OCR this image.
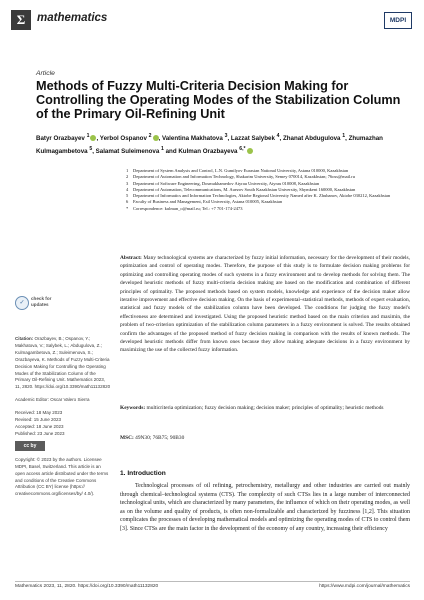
Σ	mathematics	MDPI
Article
Methods of Fuzzy Multi-Criteria Decision Making for Controlling the Operating Modes of the Stabilization Column of the Primary Oil-Refining Unit
Batyr Orazbayev $^1$ , Yerbol Ospanov $^2$ , Valentina Makhatova $^3$, Lazzat Salybek $^4$, Zhanat Abdugulova $^1$, Zhumazhan Kulmagambetova $^5$, Salamat Suleimenova $^1$ and Kulman Orazbayeva $^{6,*}$
1	Department of System Analysis and Control, L.N. Gumilyov Eurasian National University, Astana 010000, Kazakhstan
2	Department of Automation and Information Technology, Shakarim University, Semey 070014, Kazakhstan; 76oss@mail.ru
3	Department of Software Engineering, Dosmukhamedov Atyrau University, Atyrau 010008, Kazakhstan
4	Department of Automation, Telecommunications, M. Auezov South Kazakhstan University, Shymkent 160000, Kazakhstan
5	Department of Informatics and Information Technologies, Aktobe Regional University Named after K. Zhubanov, Aktobe 030212, Kazakhstan
6	Faculty of Business and Management, Esil University, Astana 010005, Kazakhstan
*	Correspondence: kulman_o@mail.ru; Tel.: +7 701-174-2473

Abstract: Many technological systems are characterized by fuzzy initial information, necessary for the development of their models, optimization and control of operating modes. Therefore, the purpose of this study is to formulate decision making problems for optimizing and controlling operating modes of such systems in a fuzzy environment and to develop methods for solving them. The developed heuristic methods of fuzzy multi-criteria decision making are based on the modification and combination of different principles of optimality. The proposed methods based on system models, knowledge and experience of the decision maker allow iterative improvement and effective decision making. On the basis of experimental–statistical methods, methods of expert evaluation, statistical and fuzzy models of the stabilization column have been developed. The conditions for judging the fuzzy model's effectiveness are determined and investigated. Using the proposed heuristic method based on the main criterion and maximin, the problem of two-criterion optimization of the stabilization column parameters in a fuzzy environment is solved. The results obtained confirm the advantages of the proposed method of fuzzy decision making in comparison with the results of known methods. The developed heuristic methods differ from known ones because they allow making adequate decisions in a fuzzy environment by maximizing the use of the collected fuzzy information.

Keywords: multicriteria optimization; fuzzy decision making; decision maker; principles of optimality; heuristic methods

MSC: 49N30; 76B75; 90B30

✓
check for
updates

Citation: Orazbayev, B.; Ospanov, Y.; Makhatova, V.; Salybek, L.; Abdugulova, Z.; Kulmagambetova, Z.; Suleimenova, S.; Orazbayeva, K. Methods of Fuzzy Multi-Criteria Decision Making for Controlling the Operating Modes of the Stabilization Column of the Primary Oil-Refining Unit. Mathematics 2023, 11, 2820. https://doi.org/10.3390/math11132820

Academic Editor: Oscar Valero Sierra

Received: 18 May 2023

Revised: 15 June 2023

Accepted: 18 June 2023

Published: 23 June 2023

cc by

Copyright: © 2023 by the authors. Licensee MDPI, Basel, Switzerland. This article is an open access article distributed under the terms and conditions of the Creative Commons Attribution (CC BY) license (https:// creativecommons.org/licenses/by/ 4.0/).

1. Introduction

Technological processes of oil refining, petrochemistry, metallurgy and other industries are carried out mainly through chemical–technological systems (CTS). The complexity of such CTSs lies in a large number of interconnected technological units, which are characterized by many parameters, the influence of which on their operating modes, as well as on the volume and quality of products, is often non-formalizable and characterized by fuzziness [1,2]. This situation complicates the processes of developing mathematical models and optimizing the operating modes of CTS to control them [3]. Since CTSs are the main factor in the development of the economy of any country, increasing their efficiency

Mathematics 2023, 11, 2820. https://doi.org/10.3390/math11132820	https://www.mdpi.com/journal/mathematics
